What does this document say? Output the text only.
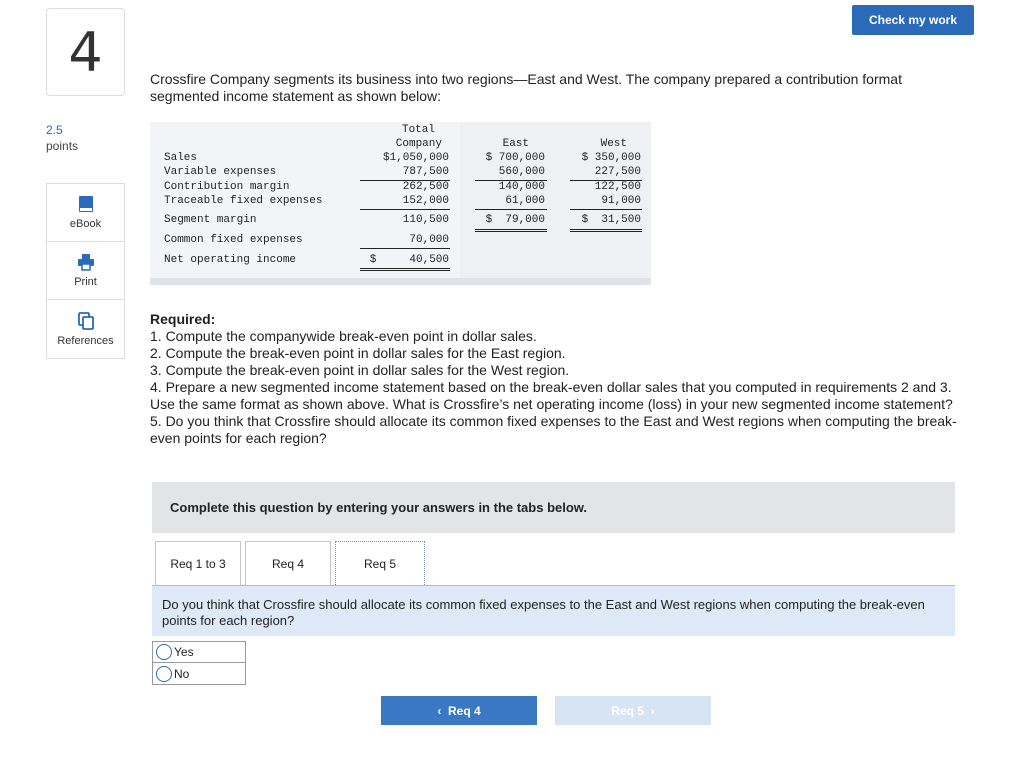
4
2.5
points
eBook
Print
References
Check my work
Crossfire Company segments its business into two regions—East and West. The company prepared a contribution format segmented income statement as shown below:
Total
Company	East	West
Sales	$1,050,000	$ 700,000	$ 350,000
Variable expenses	787,500	560,000	227,500
Contribution margin	262,500	140,000	122,500
Traceable fixed expenses	152,000	61,000	91,000
Segment margin	110,500	$  79,000	$  31,500
Common fixed expenses	70,000
Net operating income	$     40,500
Required:
1. Compute the companywide break-even point in dollar sales.
2. Compute the break-even point in dollar sales for the East region.
3. Compute the break-even point in dollar sales for the West region.
4. Prepare a new segmented income statement based on the break-even dollar sales that you computed in requirements 2 and 3. Use the same format as shown above. What is Crossfire’s net operating income (loss) in your new segmented income statement?
5. Do you think that Crossfire should allocate its common fixed expenses to the East and West regions when computing the break-even points for each region?
Complete this question by entering your answers in the tabs below.
Req 1 to 3	Req 4	Req 5
Do you think that Crossfire should allocate its common fixed expenses to the East and West regions when computing the break-even points for each region?
Yes
No
‹ Req 4	Req 5 ›
